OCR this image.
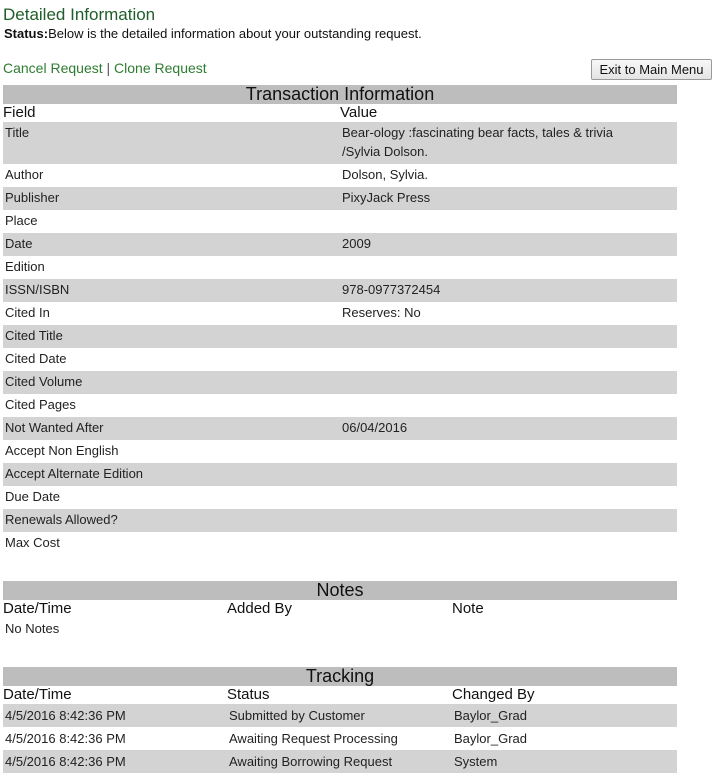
Detailed Information
Status:Below is the detailed information about your outstanding request.
Cancel Request | Clone Request	Exit to Main Menu
Transaction Information
Field	Value
Title	Bear-ology :fascinating bear facts, tales & trivia /Sylvia Dolson.
Author	Dolson, Sylvia.
Publisher	PixyJack Press
Place
Date	2009
Edition
ISSN/ISBN	978-0977372454
Cited In	Reserves: No
Cited Title
Cited Date
Cited Volume
Cited Pages
Not Wanted After	06/04/2016
Accept Non English
Accept Alternate Edition
Due Date
Renewals Allowed?
Max Cost
Notes
Date/Time	Added By	Note
No Notes
Tracking
Date/Time	Status	Changed By
4/5/2016 8:42:36 PM	Submitted by Customer	Baylor_Grad
4/5/2016 8:42:36 PM	Awaiting Request Processing	Baylor_Grad
4/5/2016 8:42:36 PM	Awaiting Borrowing Request	System
